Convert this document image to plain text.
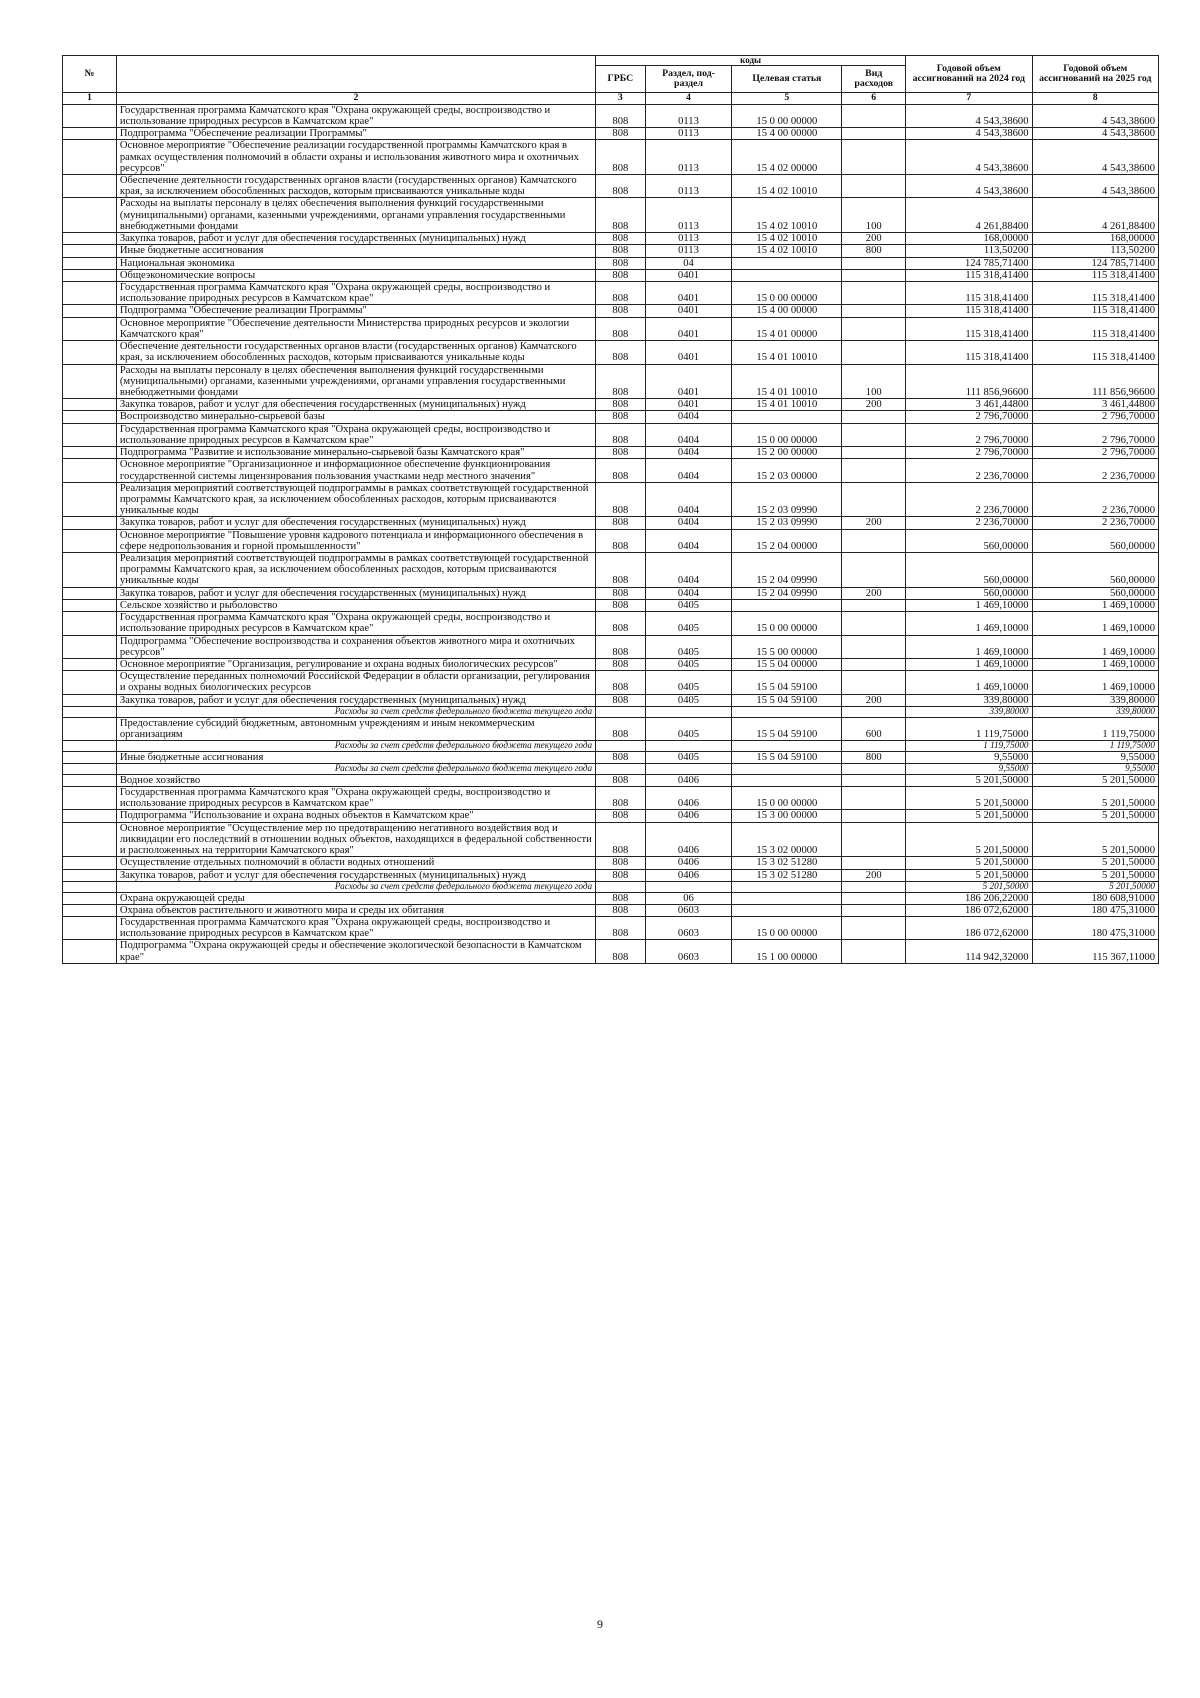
№		коды				Годовой объем ассигнований на 2024 год	Годовой объем ассигнований на 2025 год
		ГРБС	Раздел, под-раздел	Целевая статья	Вид расходов		
1	2	3	4	5	6	7	8
	Государственная программа Камчатского края "Охрана окружающей среды, воспроизводство и использование природных ресурсов в Камчатском крае"	808	0113	15 0 00 00000		4 543,38600	4 543,38600
	Подпрограмма "Обеспечение реализации Программы"	808	0113	15 4 00 00000		4 543,38600	4 543,38600
	Основное мероприятие "Обеспечение реализации государственной программы Камчатского края в рамках осуществления полномочий в области охраны и использования животного мира и охотничьих ресурсов"	808	0113	15 4 02 00000		4 543,38600	4 543,38600
	Обеспечение деятельности государственных органов власти (государственных органов) Камчатского края, за исключением обособленных расходов, которым присваиваются уникальные коды	808	0113	15 4 02 10010		4 543,38600	4 543,38600
	Расходы на выплаты персоналу в целях обеспечения выполнения функций государственными (муниципальными) органами, казенными учреждениями, органами управления государственными внебюджетными фондами	808	0113	15 4 02 10010	100	4 261,88400	4 261,88400
	Закупка товаров, работ и услуг для обеспечения государственных (муниципальных) нужд	808	0113	15 4 02 10010	200	168,00000	168,00000
	Иные бюджетные ассигнования	808	0113	15 4 02 10010	800	113,50200	113,50200
	Национальная экономика	808	04			124 785,71400	124 785,71400
	Общеэкономические вопросы	808	0401			115 318,41400	115 318,41400
	Государственная программа Камчатского края "Охрана окружающей среды, воспроизводство и использование природных ресурсов в Камчатском крае"	808	0401	15 0 00 00000		115 318,41400	115 318,41400
	Подпрограмма "Обеспечение реализации Программы"	808	0401	15 4 00 00000		115 318,41400	115 318,41400
	Основное мероприятие "Обеспечение деятельности Министерства природных ресурсов и экологии Камчатского края"	808	0401	15 4 01 00000		115 318,41400	115 318,41400
	Обеспечение деятельности государственных органов власти (государственных органов) Камчатского края, за исключением обособленных расходов, которым присваиваются уникальные коды	808	0401	15 4 01 10010		115 318,41400	115 318,41400
	Расходы на выплаты персоналу в целях обеспечения выполнения функций государственными (муниципальными) органами, казенными учреждениями, органами управления государственными внебюджетными фондами	808	0401	15 4 01 10010	100	111 856,96600	111 856,96600
	Закупка товаров, работ и услуг для обеспечения государственных (муниципальных) нужд	808	0401	15 4 01 10010	200	3 461,44800	3 461,44800
	Воспроизводство минерально-сырьевой базы	808	0404			2 796,70000	2 796,70000
	Государственная программа Камчатского края "Охрана окружающей среды, воспроизводство и использование природных ресурсов в Камчатском крае"	808	0404	15 0 00 00000		2 796,70000	2 796,70000
	Подпрограмма "Развитие и использование минерально-сырьевой базы Камчатского края"	808	0404	15 2 00 00000		2 796,70000	2 796,70000
	Основное мероприятие "Организационное и информационное обеспечение функционирования государственной системы лицензирования пользования участками недр местного значения"	808	0404	15 2 03 00000		2 236,70000	2 236,70000
	Реализация мероприятий соответствующей подпрограммы в рамках соответствующей государственной программы Камчатского края, за исключением обособленных расходов, которым присваиваются уникальные коды	808	0404	15 2 03 09990		2 236,70000	2 236,70000
	Закупка товаров, работ и услуг для обеспечения государственных (муниципальных) нужд	808	0404	15 2 03 09990	200	2 236,70000	2 236,70000
	Основное мероприятие "Повышение уровня кадрового потенциала и информационного обеспечения в сфере недропользования и горной промышленности"	808	0404	15 2 04 00000		560,00000	560,00000
	Реализация мероприятий соответствующей подпрограммы в рамках соответствующей государственной программы Камчатского края, за исключением обособленных расходов, которым присваиваются уникальные коды	808	0404	15 2 04 09990		560,00000	560,00000
	Закупка товаров, работ и услуг для обеспечения государственных (муниципальных) нужд	808	0404	15 2 04 09990	200	560,00000	560,00000
	Сельское хозяйство и рыболовство	808	0405			1 469,10000	1 469,10000
	Государственная программа Камчатского края "Охрана окружающей среды, воспроизводство и использование природных ресурсов в Камчатском крае"	808	0405	15 0 00 00000		1 469,10000	1 469,10000
	Подпрограмма "Обеспечение воспроизводства и сохранения объектов животного мира и охотничьих ресурсов"	808	0405	15 5 00 00000		1 469,10000	1 469,10000
	Основное мероприятие "Организация, регулирование и охрана водных биологических ресурсов"	808	0405	15 5 04 00000		1 469,10000	1 469,10000
	Осуществление переданных полномочий Российской Федерации в области организации, регулирования и охраны водных биологических ресурсов	808	0405	15 5 04 59100		1 469,10000	1 469,10000
	Закупка товаров, работ и услуг для обеспечения государственных (муниципальных) нужд	808	0405	15 5 04 59100	200	339,80000	339,80000
	Расходы за счет средств федерального бюджета текущего года					339,80000	339,80000
	Предоставление субсидий бюджетным, автономным учреждениям и иным некоммерческим организациям	808	0405	15 5 04 59100	600	1 119,75000	1 119,75000
	Расходы за счет средств федерального бюджета текущего года					1 119,75000	1 119,75000
	Иные бюджетные ассигнования	808	0405	15 5 04 59100	800	9,55000	9,55000
	Расходы за счет средств федерального бюджета текущего года					9,55000	9,55000
	Водное хозяйство	808	0406			5 201,50000	5 201,50000
	Государственная программа Камчатского края "Охрана окружающей среды, воспроизводство и использование природных ресурсов в Камчатском крае"	808	0406	15 0 00 00000		5 201,50000	5 201,50000
	Подпрограмма "Использование и охрана водных объектов в Камчатском крае"	808	0406	15 3 00 00000		5 201,50000	5 201,50000
	Основное мероприятие "Осуществление мер по предотвращению негативного воздействия вод и ликвидации его последствий в отношении водных объектов, находящихся в федеральной собственности и расположенных на территории Камчатского края"	808	0406	15 3 02 00000		5 201,50000	5 201,50000
	Осуществление отдельных полномочий в области водных отношений	808	0406	15 3 02 51280		5 201,50000	5 201,50000
	Закупка товаров, работ и услуг для обеспечения государственных (муниципальных) нужд	808	0406	15 3 02 51280	200	5 201,50000	5 201,50000
	Расходы за счет средств федерального бюджета текущего года					5 201,50000	5 201,50000
	Охрана окружающей среды	808	06			186 206,22000	180 608,91000
	Охрана объектов растительного и животного мира и среды их обитания	808	0603			186 072,62000	180 475,31000
	Государственная программа Камчатского края "Охрана окружающей среды, воспроизводство и использование природных ресурсов в Камчатском крае"	808	0603	15 0 00 00000		186 072,62000	180 475,31000
	Подпрограмма "Охрана окружающей среды и обеспечение экологической безопасности в Камчатском крае"	808	0603	15 1 00 00000		114 942,32000	115 367,11000
9
